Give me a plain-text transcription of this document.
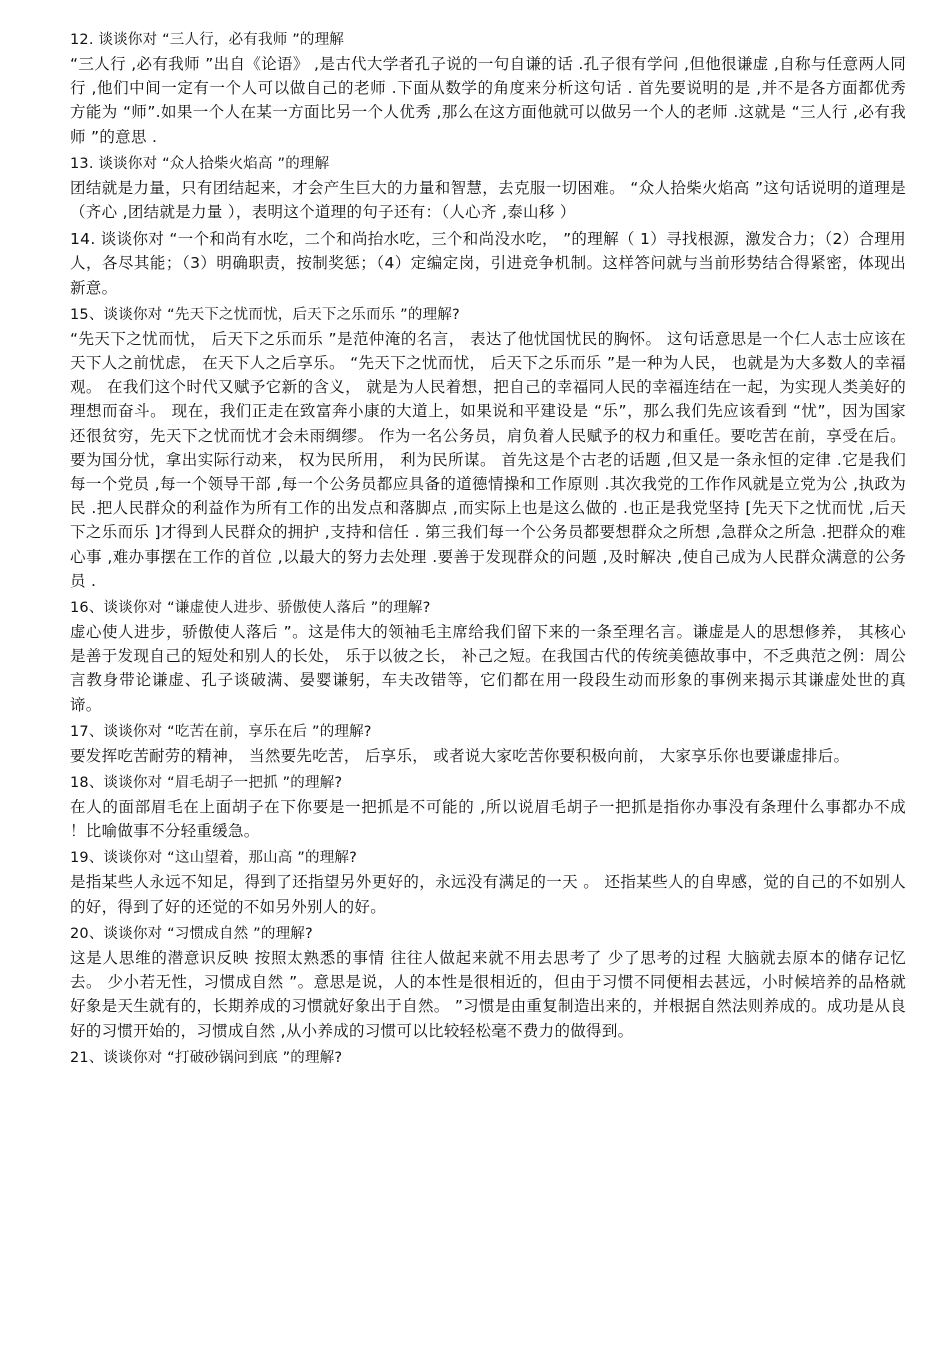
12. 谈谈你对 “三人行，必有我师 ”的理解

“三人行 ,必有我师 ”出自《论语》 ,是古代大学者孔子说的一句自谦的话 .孔子很有学问 ,但他很谦虚 ,自称与任意两人同行 ,他们中间一定有一个人可以做自己的老师 .下面从数学的角度来分析这句话 . 首先要说明的是 ,并不是各方面都优秀方能为 “师”.如果一个人在某一方面比另一个人优秀 ,那么在这方面他就可以做另一个人的老师 .这就是 “三人行 ,必有我师 ”的意思 .

13. 谈谈你对 “众人拾柴火焰高 ”的理解

团结就是力量，只有团结起来，才会产生巨大的力量和智慧，去克服一切困难。 “众人拾柴火焰高 ”这句话说明的道理是（齐心 ,团结就是力量 ），表明这个道理的句子还有：（人心齐 ,泰山移 ）

14. 谈谈你对 “一个和尚有水吃，二个和尚抬水吃，三个和尚没水吃， ”的理解（ 1）寻找根源，激发合力；（2）合理用人，各尽其能；（3）明确职责，按制奖惩；（4）定编定岗，引进竞争机制。这样答问就与当前形势结合得紧密，体现出新意。

15、谈谈你对 “先天下之忧而忧，后天下之乐而乐 ”的理解?

“先天下之忧而忧， 后天下之乐而乐 ”是范仲淹的名言， 表达了他忧国忧民的胸怀。 这句话意思是一个仁人志士应该在天下人之前忧虑， 在天下人之后享乐。 “先天下之忧而忧， 后天下之乐而乐 ”是一种为人民， 也就是为大多数人的幸福观。 在我们这个时代又赋予它新的含义， 就是为人民着想，把自己的幸福同人民的幸福连结在一起，为实现人类美好的理想而奋斗。 现在，我们正走在致富奔小康的大道上，如果说和平建设是 “乐”，那么我们先应该看到 “忧”，因为国家还很贫穷，先天下之忧而忧才会未雨绸缪。 作为一名公务员，肩负着人民赋予的权力和重任。要吃苦在前，享受在后。要为国分忧，拿出实际行动来， 权为民所用， 利为民所谋。 首先这是个古老的话题 ,但又是一条永恒的定律 .它是我们每一个党员 ,每一个领导干部 ,每一个公务员都应具备的道德情操和工作原则 .其次我党的工作作风就是立党为公 ,执政为民 .把人民群众的利益作为所有工作的出发点和落脚点 ,而实际上也是这么做的 .也正是我党坚持 [先天下之忧而忧 ,后天下之乐而乐 ]才得到人民群众的拥护 ,支持和信任 . 第三我们每一个公务员都要想群众之所想 ,急群众之所急 .把群众的难心事 ,难办事摆在工作的首位 ,以最大的努力去处理 .要善于发现群众的问题 ,及时解决 ,使自己成为人民群众满意的公务员 .

16、谈谈你对 “谦虚使人进步、骄傲使人落后 ”的理解?

虚心使人进步，骄傲使人落后 ”。这是伟大的领袖毛主席给我们留下来的一条至理名言。谦虚是人的思想修养， 其核心是善于发现自己的短处和别人的长处， 乐于以彼之长， 补己之短。在我国古代的传统美德故事中，不乏典范之例：周公言教身带论谦虚、孔子谈破满、晏婴谦躬，车夫改错等，它们都在用一段段生动而形象的事例来揭示其谦虚处世的真谛。

17、谈谈你对 “吃苦在前，享乐在后 ”的理解?

要发挥吃苦耐劳的精神， 当然要先吃苦， 后享乐， 或者说大家吃苦你要积极向前， 大家享乐你也要谦虚排后。

18、谈谈你对 “眉毛胡子一把抓 ”的理解?

在人的面部眉毛在上面胡子在下你要是一把抓是不可能的 ,所以说眉毛胡子一把抓是指你办事没有条理什么事都办不成 ！比喻做事不分轻重缓急。

19、谈谈你对 “这山望着，那山高 ”的理解?

是指某些人永远不知足，得到了还指望另外更好的，永远没有满足的一天 。 还指某些人的自卑感，觉的自己的不如别人的好，得到了好的还觉的不如另外别人的好。

20、谈谈你对 “习惯成自然 ”的理解?

这是人思维的潜意识反映 按照太熟悉的事情 往往人做起来就不用去思考了 少了思考的过程 大脑就去原本的储存记忆去。 少小若无性，习惯成自然 ”。意思是说，人的本性是很相近的，但由于习惯不同便相去甚远，小时候培养的品格就好象是天生就有的，长期养成的习惯就好象出于自然。 ”习惯是由重复制造出来的，并根据自然法则养成的。成功是从良好的习惯开始的，习惯成自然 ,从小养成的习惯可以比较轻松毫不费力的做得到。

21、谈谈你对 “打破砂锅问到底 ”的理解?
